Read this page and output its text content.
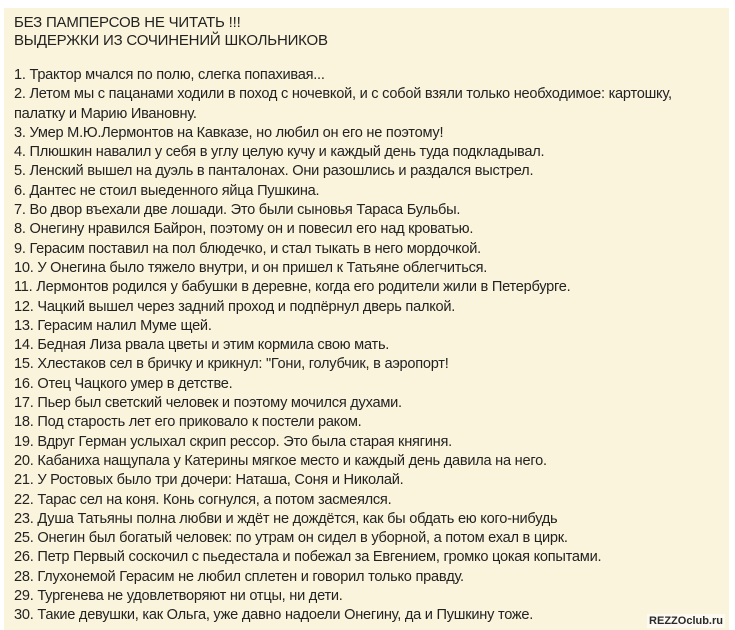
БЕЗ ПАМПЕРСОВ НЕ ЧИТАТЬ !!!
ВЫДЕРЖКИ ИЗ СОЧИНЕНИЙ ШКОЛЬНИКОВ
1. Трактор мчался по полю, слегка попахивая...
2. Летом мы с пацанами ходили в поход с ночевкой, и с собой взяли только необходимое: картошку, палатку и Марию Ивановну.
3. Умер М.Ю.Лермонтов на Кавказе, но любил он его не поэтому!
4. Плюшкин навалил у себя в углу целую кучу и каждый день туда подкладывал.
5. Ленский вышел на дуэль в панталонах. Они разошлись и раздался выстрел.
6. Дантес не стоил выеденного яйца Пушкина.
7. Во двор въехали две лошади. Это были сыновья Тараса Бульбы.
8. Онегину нравился Байрон, поэтому он и повесил его над кроватью.
9. Герасим поставил на пол блюдечко, и стал тыкать в него мордочкой.
10. У Онегина было тяжело внутри, и он пришел к Татьяне облегчиться.
11. Лермонтов родился у бабушки в деревне, когда его родители жили в Петербурге.
12. Чацкий вышел через задний проход и подпёрнул дверь палкой.
13. Герасим налил Муме щей.
14. Бедная Лиза рвала цветы и этим кормила свою мать.
15. Хлестаков сел в бричку и крикнул: "Гони, голубчик, в аэропорт!
16. Отец Чацкого умер в детстве.
17. Пьер был светский человек и поэтому мочился духами.
18. Под старость лет его приковало к постели раком.
19. Вдруг Герман услыхал скрип рессор. Это была старая княгиня.
20. Кабаниха нащупала у Катерины мягкое место и каждый день давила на него.
21. У Ростовых было три дочери: Наташа, Соня и Николай.
22. Тарас сел на коня. Конь согнулся, а потом засмеялся.
23. Душа Татьяны полна любви и ждёт не дождётся, как бы обдать ею кого-нибудь
25. Онегин был богатый человек: по утрам он сидел в уборной, а потом ехал в цирк.
26. Петр Первый соскочил с пьедестала и побежал за Евгением, громко цокая копытами.
28. Глухонемой Герасим не любил сплетен и говорил только правду.
29. Тургенева не удовлетворяют ни отцы, ни дети.
30. Такие девушки, как Ольга, уже давно надоели Онегину, да и Пушкину тоже.	REZZOclub.ru
